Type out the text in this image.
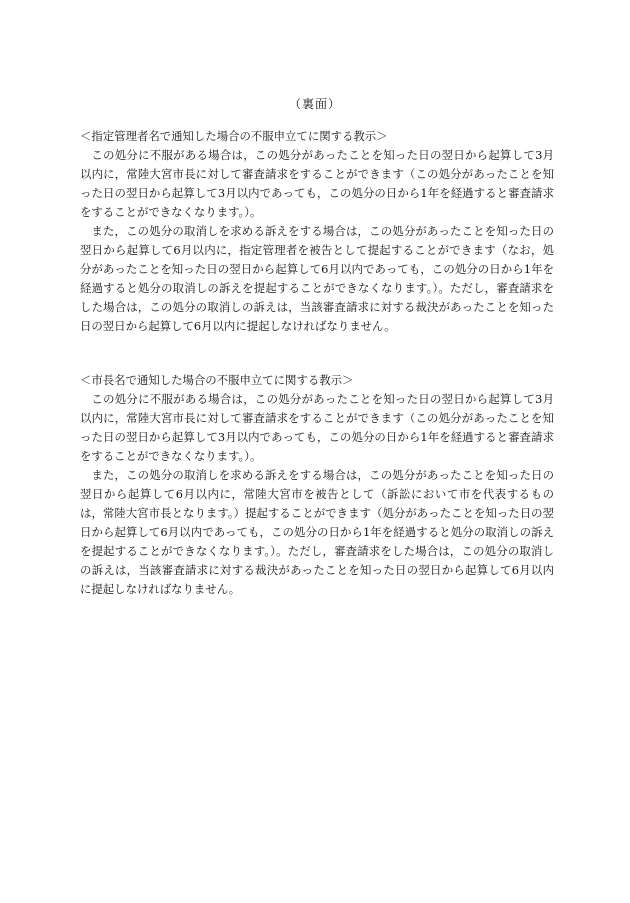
（裏面）
＜指定管理者名で通知した場合の不服申立てに関する教示＞

この処分に不服がある場合は，この処分があったことを知った日の翌日から起算して3月以内に，常陸大宮市長に対して審査請求をすることができます（この処分があったことを知った日の翌日から起算して3月以内であっても，この処分の日から1年を経過すると審査請求をすることができなくなります。）。

また，この処分の取消しを求める訴えをする場合は，この処分があったことを知った日の翌日から起算して6月以内に，指定管理者を被告として提起することができます（なお，処分があったことを知った日の翌日から起算して6月以内であっても，この処分の日から1年を経過すると処分の取消しの訴えを提起することができなくなります。）。ただし，審査請求をした場合は，この処分の取消しの訴えは，当該審査請求に対する裁決があったことを知った日の翌日から起算して6月以内に提起しなければなりません。

＜市長名で通知した場合の不服申立てに関する教示＞

この処分に不服がある場合は，この処分があったことを知った日の翌日から起算して3月以内に，常陸大宮市長に対して審査請求をすることができます（この処分があったことを知った日の翌日から起算して3月以内であっても，この処分の日から1年を経過すると審査請求をすることができなくなります。）。

また，この処分の取消しを求める訴えをする場合は，この処分があったことを知った日の翌日から起算して6月以内に，常陸大宮市を被告として（訴訟において市を代表するものは，常陸大宮市長となります。）提起することができます（処分があったことを知った日の翌日から起算して6月以内であっても，この処分の日から1年を経過すると処分の取消しの訴えを提起することができなくなります。）。ただし，審査請求をした場合は，この処分の取消しの訴えは，当該審査請求に対する裁決があったことを知った日の翌日から起算して6月以内に提起しなければなりません。
